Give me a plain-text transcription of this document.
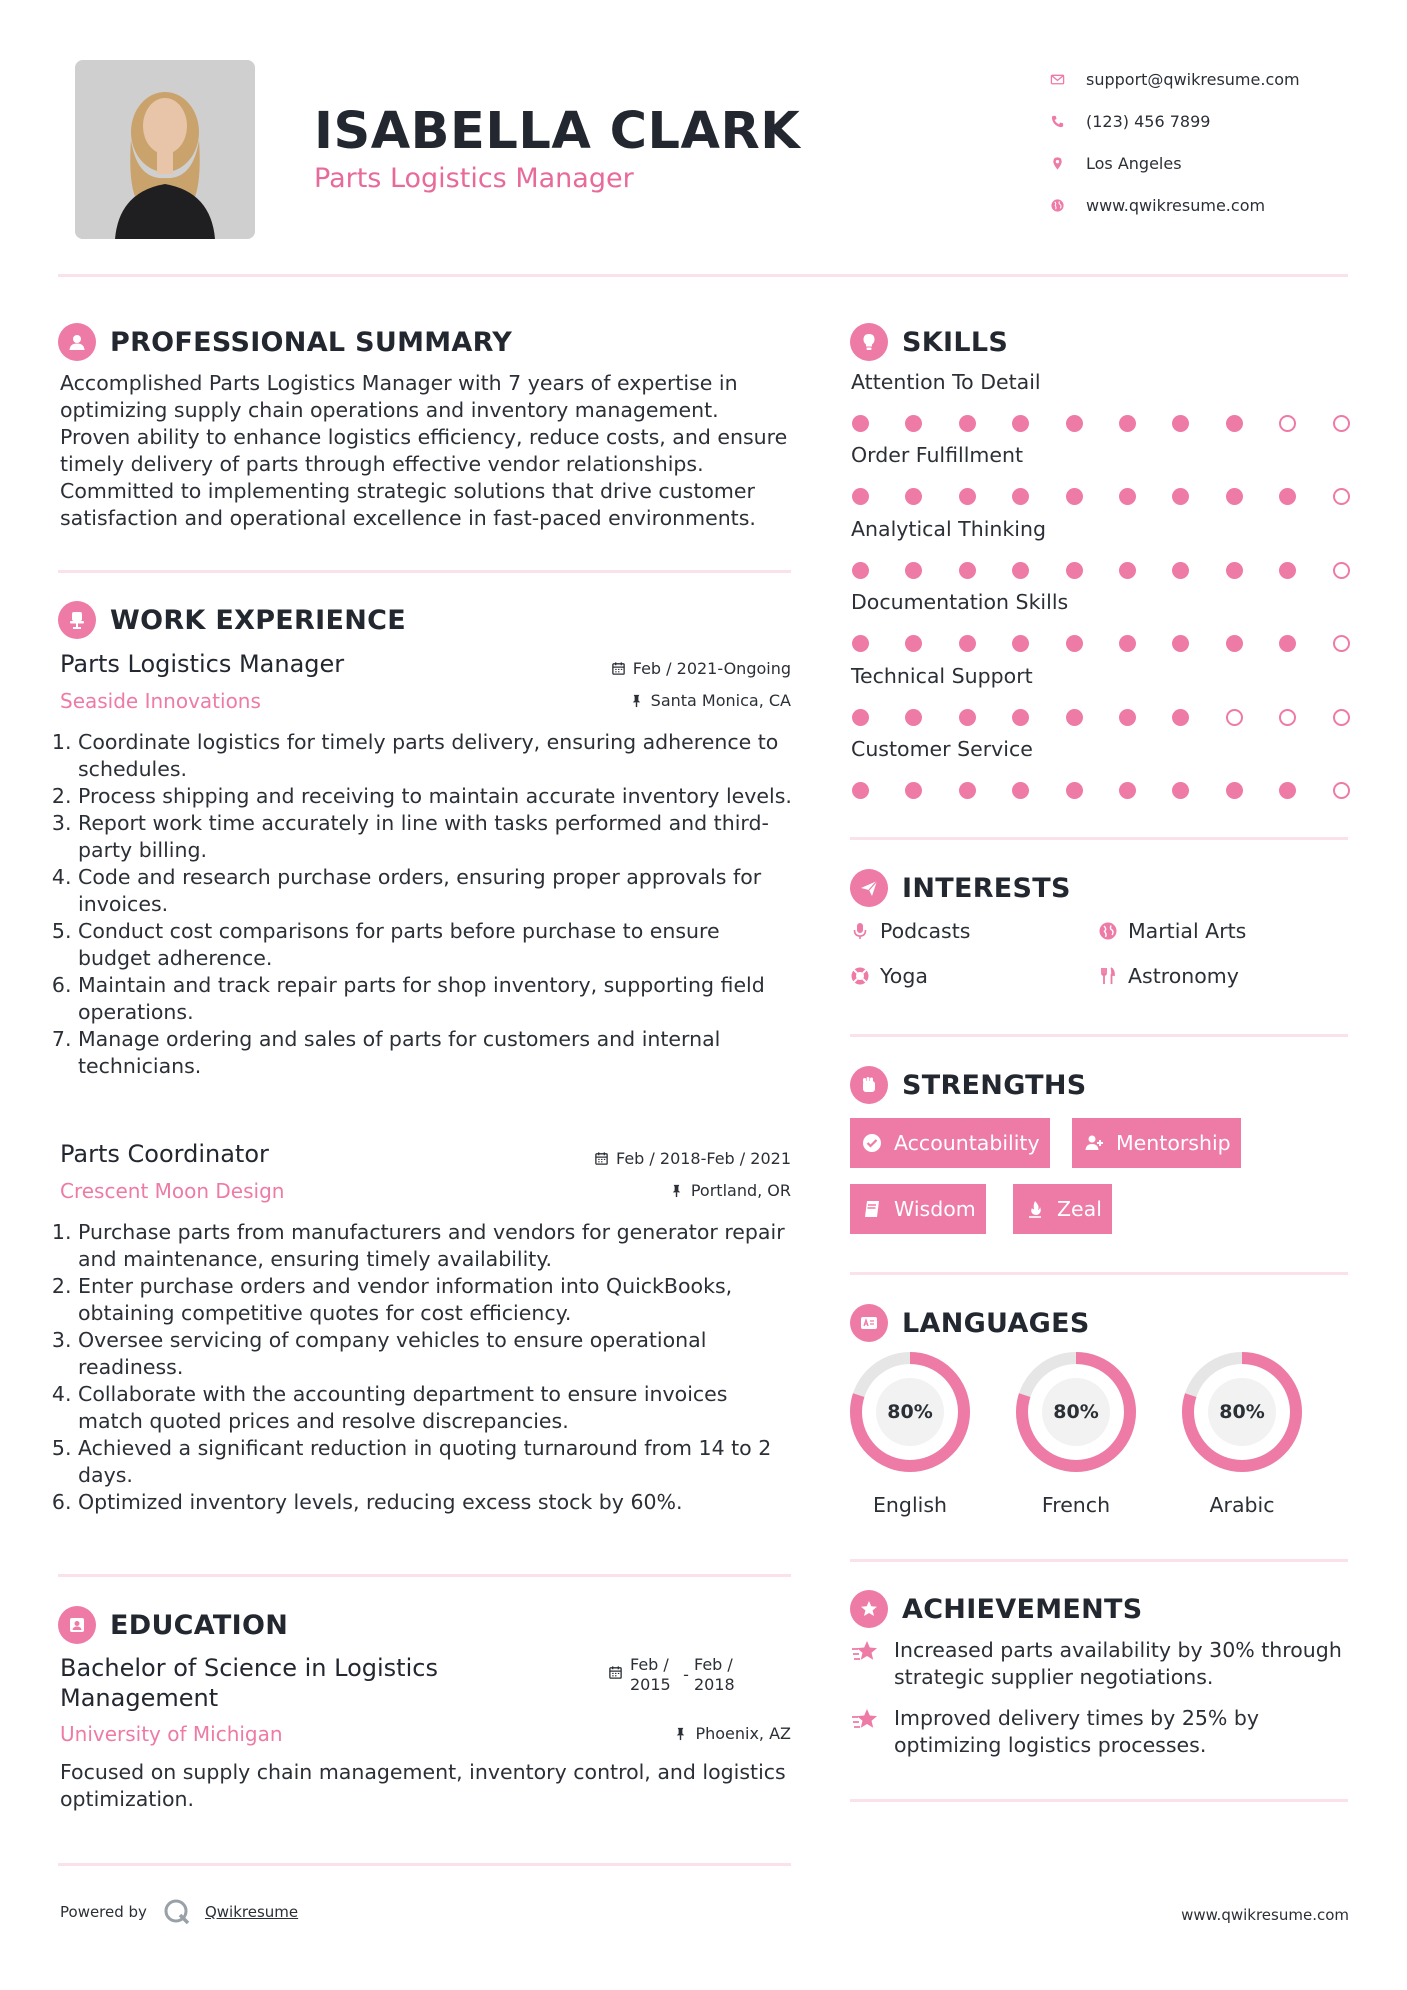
ISABELLA CLARK
Parts Logistics Manager
support@qwikresume.com
(123) 456 7899
Los Angeles
www.qwikresume.com
PROFESSIONAL SUMMARY
Accomplished Parts Logistics Manager with 7 years of expertise in optimizing supply chain operations and inventory management. Proven ability to enhance logistics efficiency, reduce costs, and ensure timely delivery of parts through effective vendor relationships. Committed to implementing strategic solutions that drive customer satisfaction and operational excellence in fast-paced environments.
WORK EXPERIENCE
Parts Logistics Manager	Feb / 2021-Ongoing
Seaside Innovations	Santa Monica, CA
1. Coordinate logistics for timely parts delivery, ensuring adherence to schedules.
2. Process shipping and receiving to maintain accurate inventory levels.
3. Report work time accurately in line with tasks performed and third-party billing.
4. Code and research purchase orders, ensuring proper approvals for invoices.
5. Conduct cost comparisons for parts before purchase to ensure budget adherence.
6. Maintain and track repair parts for shop inventory, supporting field operations.
7. Manage ordering and sales of parts for customers and internal technicians.
Parts Coordinator	Feb / 2018-Feb / 2021
Crescent Moon Design	Portland, OR
1. Purchase parts from manufacturers and vendors for generator repair and maintenance, ensuring timely availability.
2. Enter purchase orders and vendor information into QuickBooks, obtaining competitive quotes for cost efficiency.
3. Oversee servicing of company vehicles to ensure operational readiness.
4. Collaborate with the accounting department to ensure invoices match quoted prices and resolve discrepancies.
5. Achieved a significant reduction in quoting turnaround from 14 to 2 days.
6. Optimized inventory levels, reducing excess stock by 60%.
EDUCATION
Bachelor of Science in Logistics Management
Feb / 2015
-
Feb / 2018
University of Michigan	Phoenix, AZ
Focused on supply chain management, inventory control, and logistics optimization.
SKILLS
Attention To Detail
Order Fulfillment
Analytical Thinking
Documentation Skills
Technical Support
Customer Service
INTERESTS
Podcasts	Martial Arts
Yoga	Astronomy
STRENGTHS
Accountability	Mentorship
Wisdom	Zeal
LANGUAGES
80%
English
80%
French
80%
Arabic
ACHIEVEMENTS
Increased parts availability by 30% through strategic supplier negotiations.
Improved delivery times by 25% by optimizing logistics processes.
Powered by	Qwikresume	www.qwikresume.com
